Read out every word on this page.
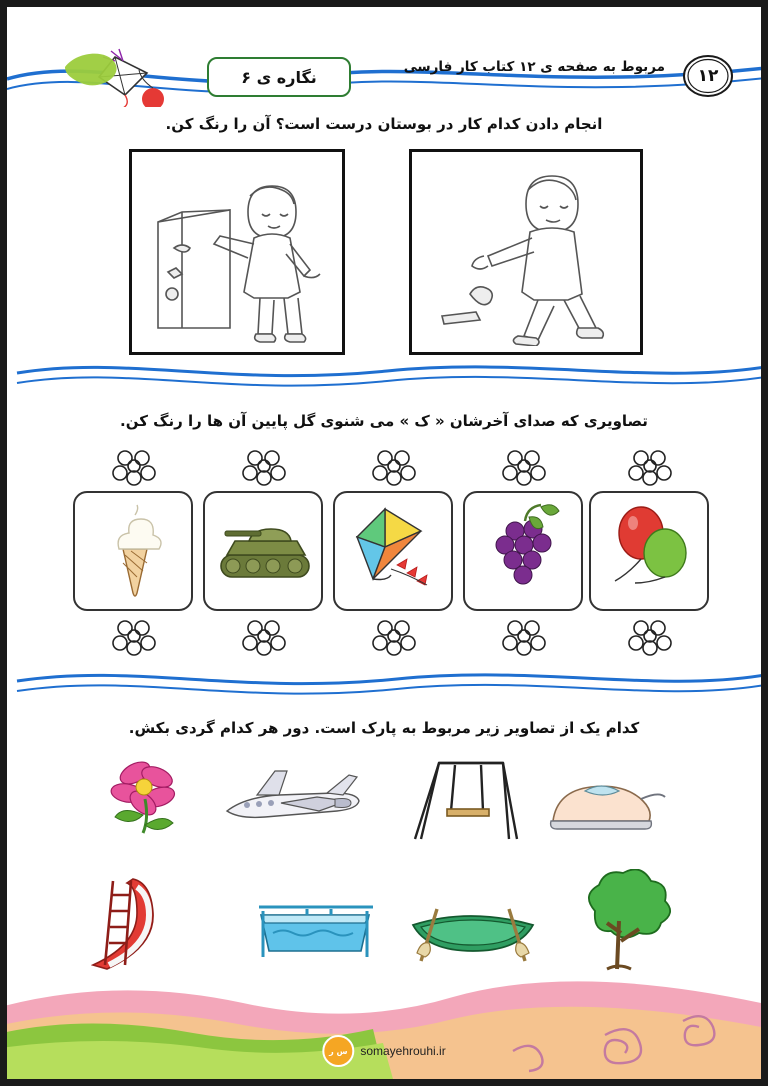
۱۲
مربوط به صفحه ی ۱۲ کتاب کار فارسی
نگاره ی ۶
انجام دادن کدام کار در بوستان درست است؟ آن را رنگ کن.
تصاویری که صدای آخرشان « ک » می شنوی گل پایین آن ها را رنگ کن.
کدام یک از تصاویر زیر مربوط به پارک است. دور هر کدام گردی بکش.
س ر somayehrouhi.ir
